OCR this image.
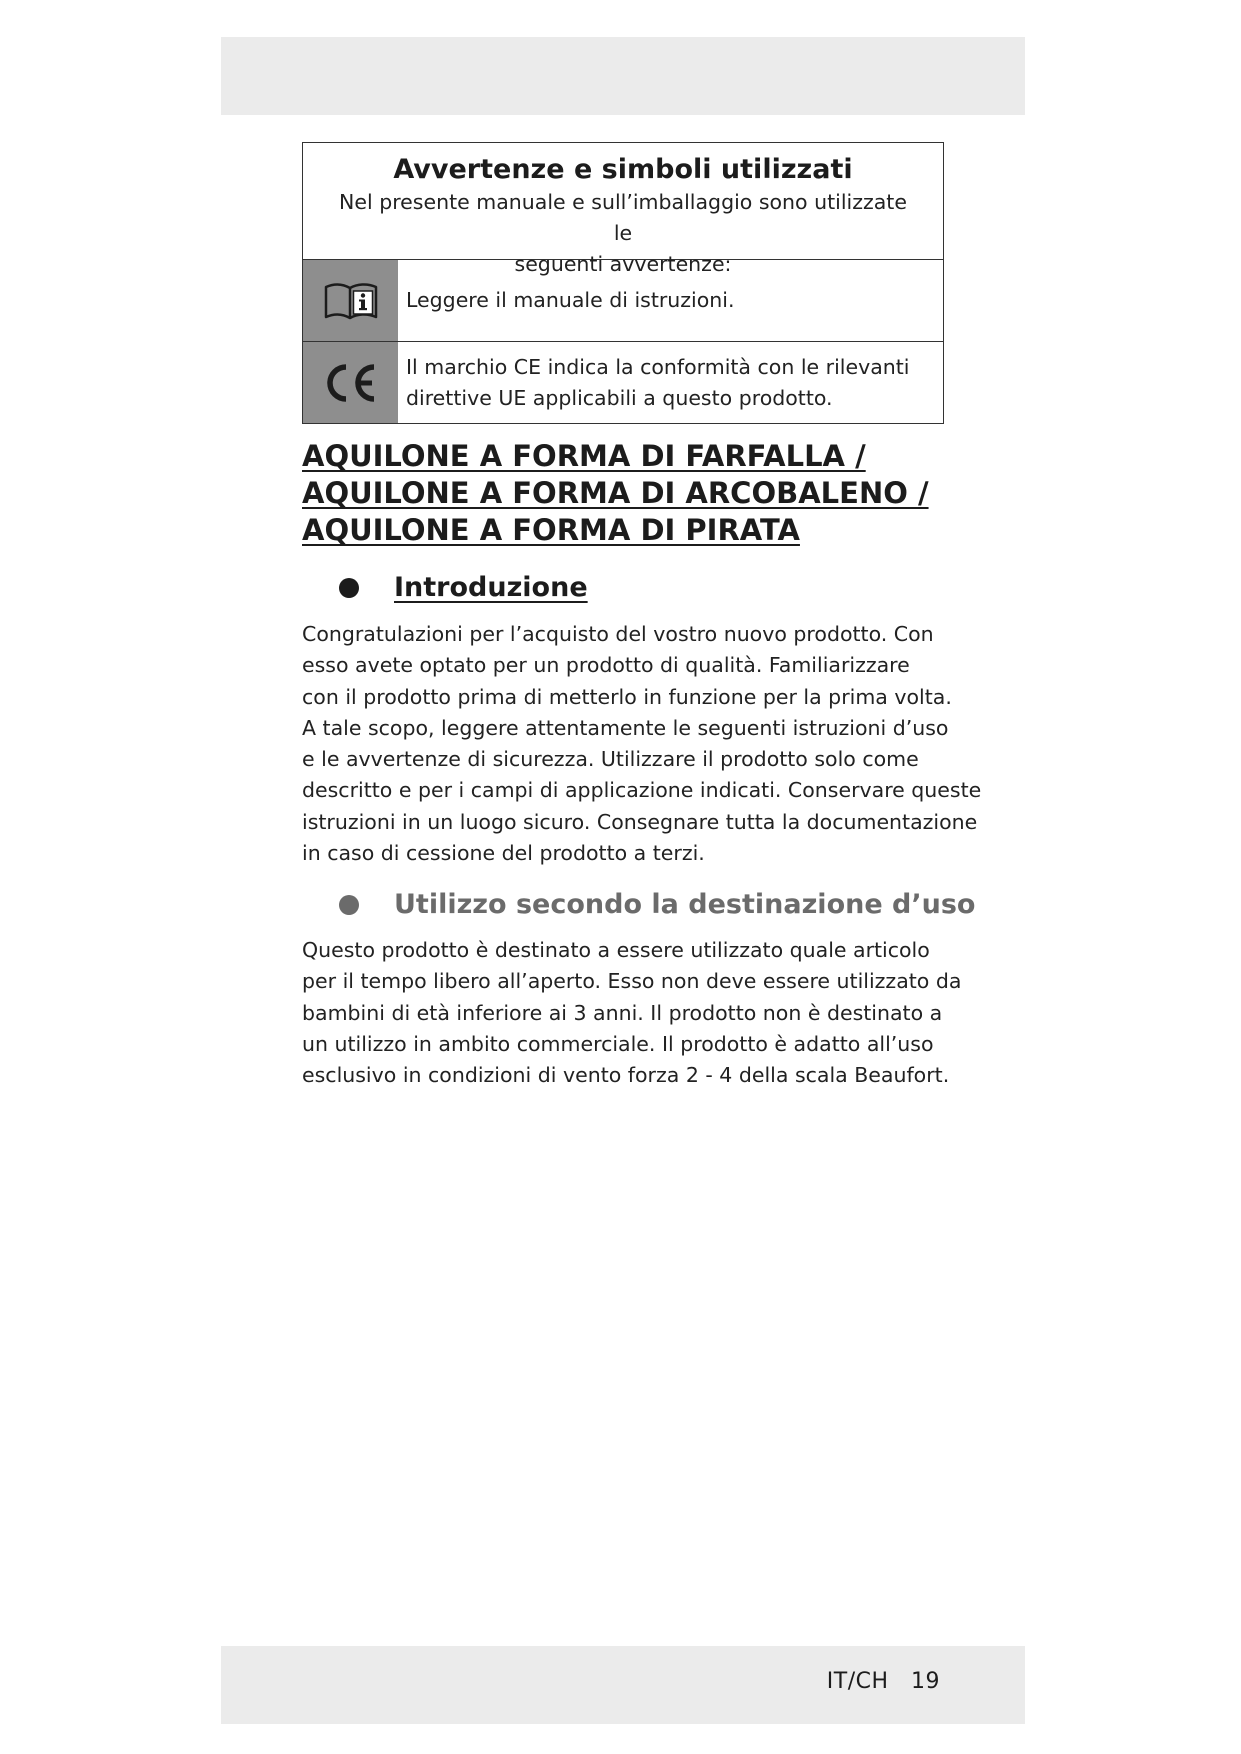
Avvertenze e simboli utilizzati
Nel presente manuale e sull’imballaggio sono utilizzate le
seguenti avvertenze:
Leggere il manuale di istruzioni.
Il marchio CE indica la conformità con le rilevanti
direttive UE applicabili a questo prodotto.
AQUILONE A FORMA DI FARFALLA /
AQUILONE A FORMA DI ARCOBALENO /
AQUILONE A FORMA DI PIRATA
Introduzione
Congratulazioni per l’acquisto del vostro nuovo prodotto. Con
esso avete optato per un prodotto di qualità. Familiarizzare
con il prodotto prima di metterlo in funzione per la prima volta.
A tale scopo, leggere attentamente le seguenti istruzioni d’uso
e le avvertenze di sicurezza. Utilizzare il prodotto solo come
descritto e per i campi di applicazione indicati. Conservare queste
istruzioni in un luogo sicuro. Consegnare tutta la documentazione
in caso di cessione del prodotto a terzi.
Utilizzo secondo la destinazione d’uso
Questo prodotto è destinato a essere utilizzato quale articolo
per il tempo libero all’aperto. Esso non deve essere utilizzato da
bambini di età inferiore ai 3 anni. Il prodotto non è destinato a
un utilizzo in ambito commerciale. Il prodotto è adatto all’uso
esclusivo in condizioni di vento forza 2 - 4 della scala Beaufort.
IT/CH   19
